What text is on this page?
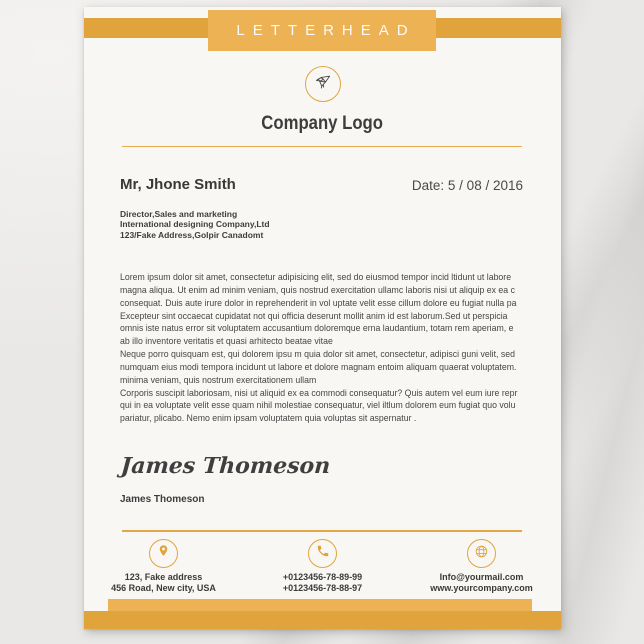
LETTERHEAD
Company Logo
Mr, Jhone Smith	Date: 5 / 08 / 2016
Director,Sales and marketing
International designing Company,Ltd
123/Fake Address,Golpir Canadomt
Lorem ipsum dolor sit amet, consectetur adipisicing elit, sed do eiusmod tempor incid ltidunt ut labore
magna aliqua. Ut enim ad minim veniam, quis nostrud exercitation ullamc laboris nisi ut aliquip ex ea c
consequat. Duis aute irure dolor in reprehenderit in vol uptate velit esse cillum dolore eu fugiat nulla pa
Excepteur sint occaecat cupidatat not qui officia deserunt mollit anim id est laborum.Sed ut perspicia
omnis iste natus error sit voluptatem accusantium doloremque erna laudantium, totam rem aperiam, e
ab illo inventore veritatis et quasi arhitecto beatae vitae
Neque porro quisquam est, qui dolorem ipsu m quia dolor sit amet, consectetur, adipisci guni velit, sed
numquam eius modi tempora incidunt ut labore et dolore magnam entoim aliquam quaerat voluptatem.
minima veniam, quis nostrum exercitationem ullam
Corporis suscipit laboriosam, nisi ut aliquid ex ea commodi consequatur? Quis autem vel eum iure repr
qui in ea voluptate velit esse quam nihil molestiae consequatur, viel iltlum dolorem eum fugiat quo volu
pariatur, plicabo. Nemo enim ipsam voluptatem quia voluptas sit aspernatur .
James Thomeson
James Thomeson
123, Fake address
456 Road, New city, USA
+0123456-78-89-99
+0123456-78-88-97
Info@yourmail.com
www.yourcompany.com
